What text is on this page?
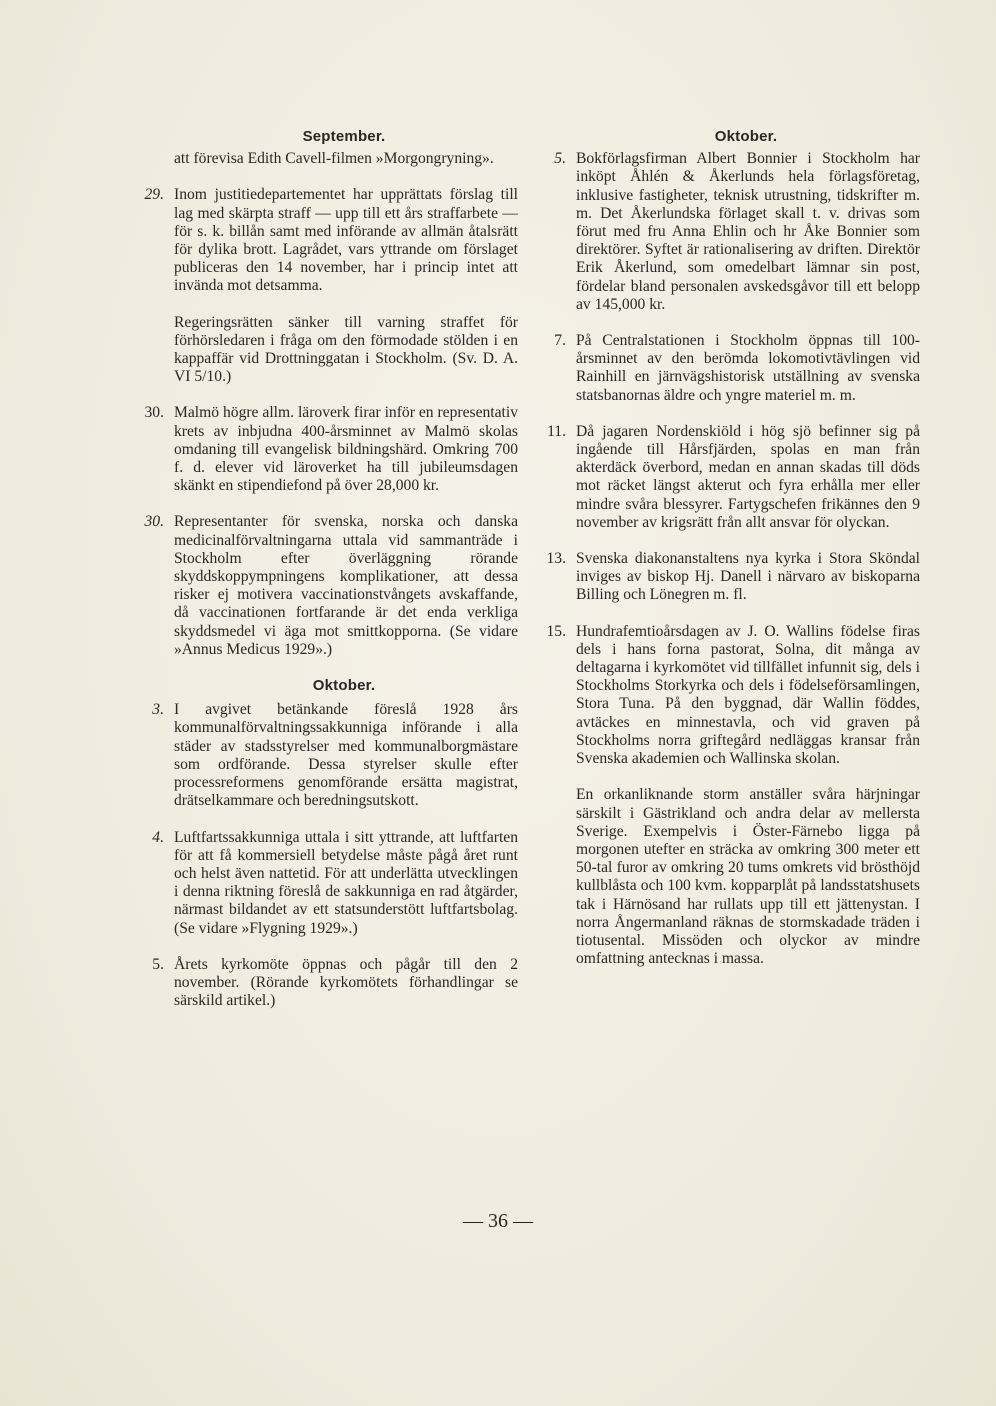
September.
att förevisa Edith Cavell-filmen »Morgongryning».
29. Inom justitiedepartementet har upprättats förslag till lag med skärpta straff — upp till ett års straffarbete — för s. k. billån samt med införande av allmän åtalsrätt för dylika brott. Lagrådet, vars yttrande om förslaget publiceras den 14 november, har i princip intet att invända mot detsamma.
Regeringsrätten sänker till varning straffet för förhörsledaren i fråga om den förmodade stölden i en kappaffär vid Drottninggatan i Stockholm. (Sv. D. A. VI 5/10.)
30. Malmö högre allm. läroverk firar inför en representativ krets av inbjudna 400-årsminnet av Malmö skolas omdaning till evangelisk bildningshärd. Omkring 700 f. d. elever vid läroverket ha till jubileumsdagen skänkt en stipendiefond på över 28,000 kr.
30. Representanter för svenska, norska och danska medicinalförvaltningarna uttala vid sammanträde i Stockholm efter överläggning rörande skyddskoppympningens komplikationer, att dessa risker ej motivera vaccinationstvångets avskaffande, då vaccinationen fortfarande är det enda verkliga skyddsmedel vi äga mot smittkopporna. (Se vidare »Annus Medicus 1929».)
Oktober.
3. I avgivet betänkande föreslå 1928 års kommunalförvaltningssakkunniga införande i alla städer av stadsstyrelser med kommunalborgmästare som ordförande. Dessa styrelser skulle efter processreformens genomförande ersätta magistrat, drätselkammare och beredningsutskott.
4. Luftfartssakkunniga uttala i sitt yttrande, att luftfarten för att få kommersiell betydelse måste pågå året runt och helst även nattetid. För att underlätta utvecklingen i denna riktning föreslå de sakkunniga en rad åtgärder, närmast bildandet av ett statsunderstött luftfartsbolag. (Se vidare »Flygning 1929».)
5. Årets kyrkomöte öppnas och pågår till den 2 november. (Rörande kyrkomötets förhandlingar se särskild artikel.)
Oktober.
5. Bokförlagsfirman Albert Bonnier i Stockholm har inköpt Åhlén & Åkerlunds hela förlagsföretag, inklusive fastigheter, teknisk utrustning, tidskrifter m. m. Det Åkerlundska förlaget skall t. v. drivas som förut med fru Anna Ehlin och hr Åke Bonnier som direktörer. Syftet är rationalisering av driften. Direktör Erik Åkerlund, som omedelbart lämnar sin post, fördelar bland personalen avskedsgåvor till ett belopp av 145,000 kr.
7. På Centralstationen i Stockholm öppnas till 100-årsminnet av den berömda lokomotivtävlingen vid Rainhill en järnvägshistorisk utställning av svenska statsbanornas äldre och yngre materiel m. m.
11. Då jagaren Nordenskiöld i hög sjö befinner sig på ingående till Hårsfjärden, spolas en man från akterdäck överbord, medan en annan skadas till döds mot räcket längst akterut och fyra erhålla mer eller mindre svåra blessyrer. Fartygschefen frikännes den 9 november av krigsrätt från allt ansvar för olyckan.
13. Svenska diakonanstaltens nya kyrka i Stora Sköndal inviges av biskop Hj. Danell i närvaro av biskoparna Billing och Lönegren m. fl.
15. Hundrafemtioårsdagen av J. O. Wallins födelse firas dels i hans forna pastorat, Solna, dit många av deltagarna i kyrkomötet vid tillfället infunnit sig, dels i Stockholms Storkyrka och dels i födelseförsamlingen, Stora Tuna. På den byggnad, där Wallin föddes, avtäckes en minnestavla, och vid graven på Stockholms norra griftegård nedläggas kransar från Svenska akademien och Wallinska skolan.
En orkanliknande storm anställer svåra härjningar särskilt i Gästrikland och andra delar av mellersta Sverige. Exempelvis i Öster-Färnebo ligga på morgonen utefter en sträcka av omkring 300 meter ett 50-tal furor av omkring 20 tums omkrets vid brösthöjd kullblåsta och 100 kvm. kopparplåt på landsstatshusets tak i Härnösand har rullats upp till ett jättenystan. I norra Ångermanland räknas de stormskadade träden i tiotusental. Missöden och olyckor av mindre omfattning antecknas i massa.
— 36 —
